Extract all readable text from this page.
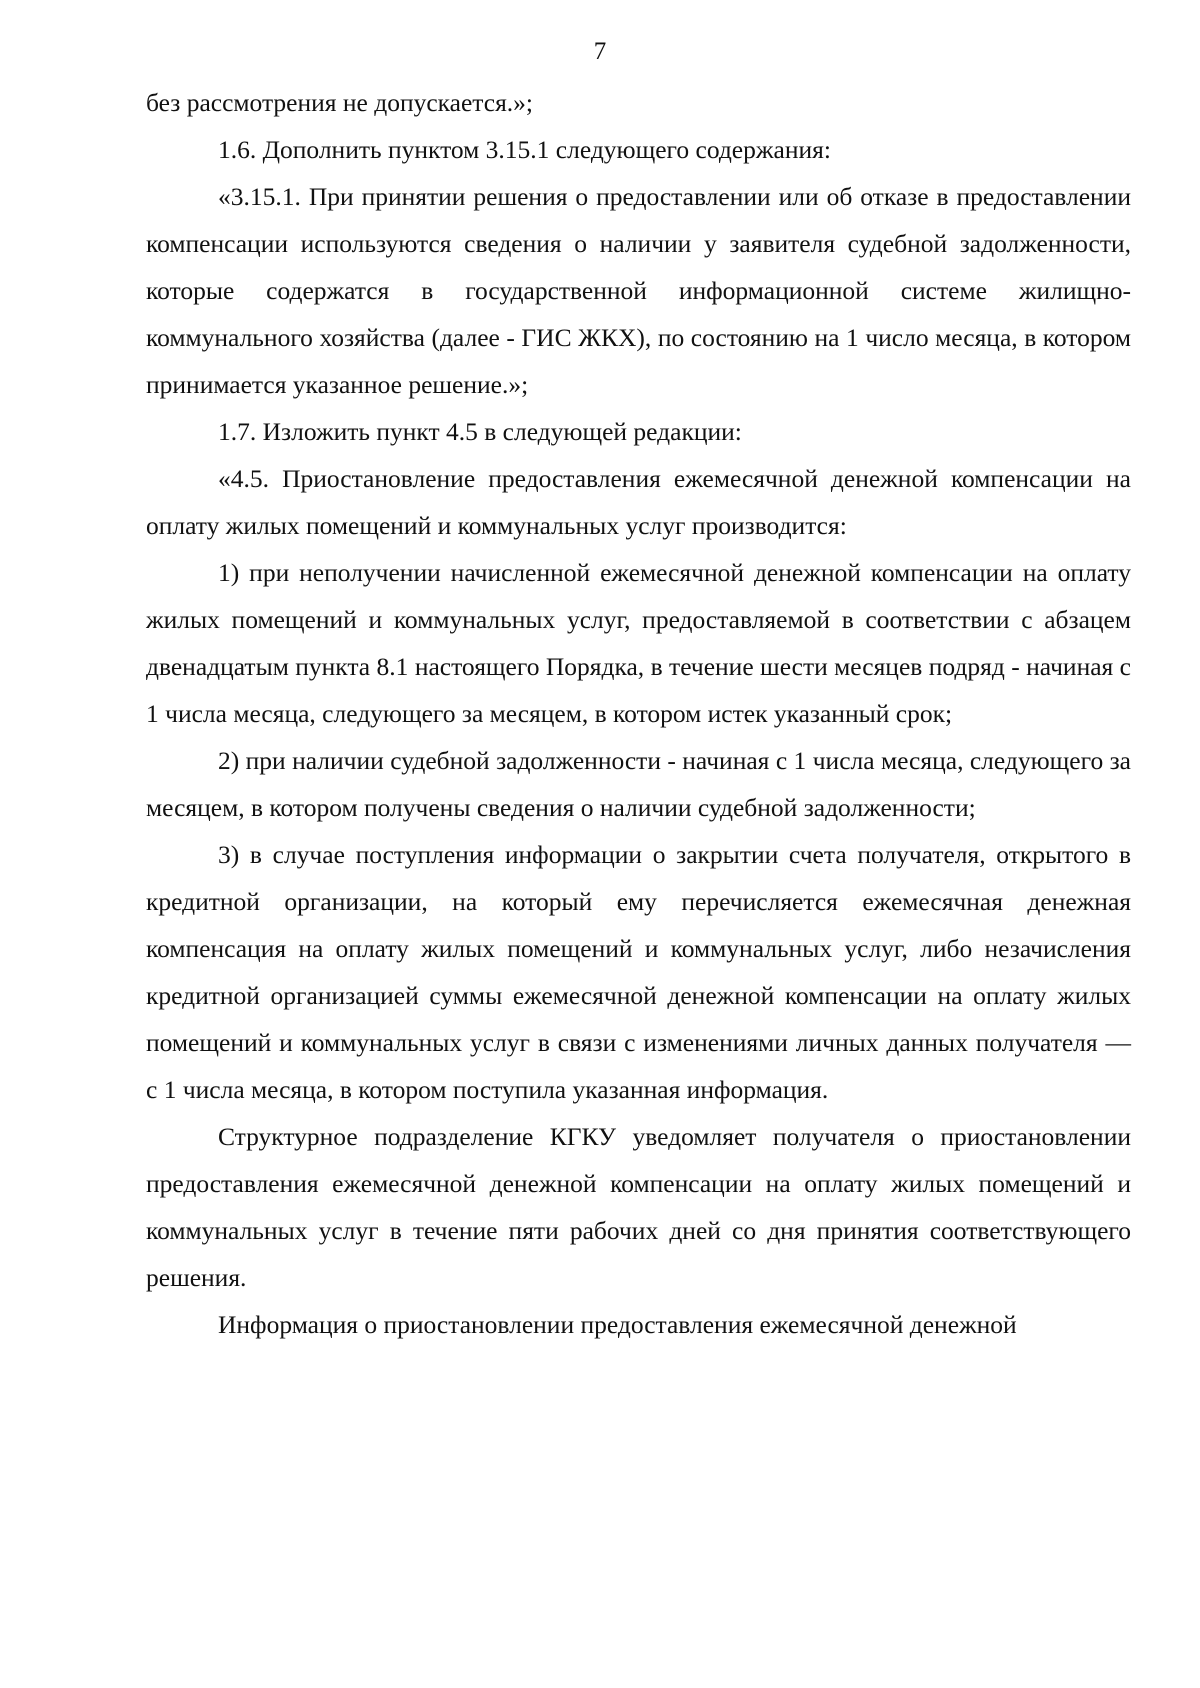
7

без рассмотрения не допускается.»;

1.6. Дополнить пунктом 3.15.1 следующего содержания:

«3.15.1. При принятии решения о предоставлении или об отказе в предоставлении компенсации используются сведения о наличии у заявителя судебной задолженности, которые содержатся в государственной информационной системе жилищно-коммунального хозяйства (далее - ГИС ЖКХ), по состоянию на 1 число месяца, в котором принимается указанное решение.»;

1.7. Изложить пункт 4.5 в следующей редакции:

«4.5. Приостановление предоставления ежемесячной денежной компенсации на оплату жилых помещений и коммунальных услуг производится:

1) при неполучении начисленной ежемесячной денежной компенсации на оплату жилых помещений и коммунальных услуг, предоставляемой в соответствии с абзацем двенадцатым пункта 8.1 настоящего Порядка, в течение шести месяцев подряд - начиная с 1 числа месяца, следующего за месяцем, в котором истек указанный срок;

2) при наличии судебной задолженности - начиная с 1 числа месяца, следующего за месяцем, в котором получены сведения о наличии судебной задолженности;

3) в случае поступления информации о закрытии счета получателя, открытого в кредитной организации, на который ему перечисляется ежемесячная денежная компенсация на оплату жилых помещений и коммунальных услуг, либо незачисления кредитной организацией суммы ежемесячной денежной компенсации на оплату жилых помещений и коммунальных услуг в связи с изменениями личных данных получателя — с 1 числа месяца, в котором поступила указанная информация.

Структурное подразделение КГКУ уведомляет получателя о приостановлении предоставления ежемесячной денежной компенсации на оплату жилых помещений и коммунальных услуг в течение пяти рабочих дней со дня принятия соответствующего решения.

Информация о приостановлении предоставления ежемесячной денежной
